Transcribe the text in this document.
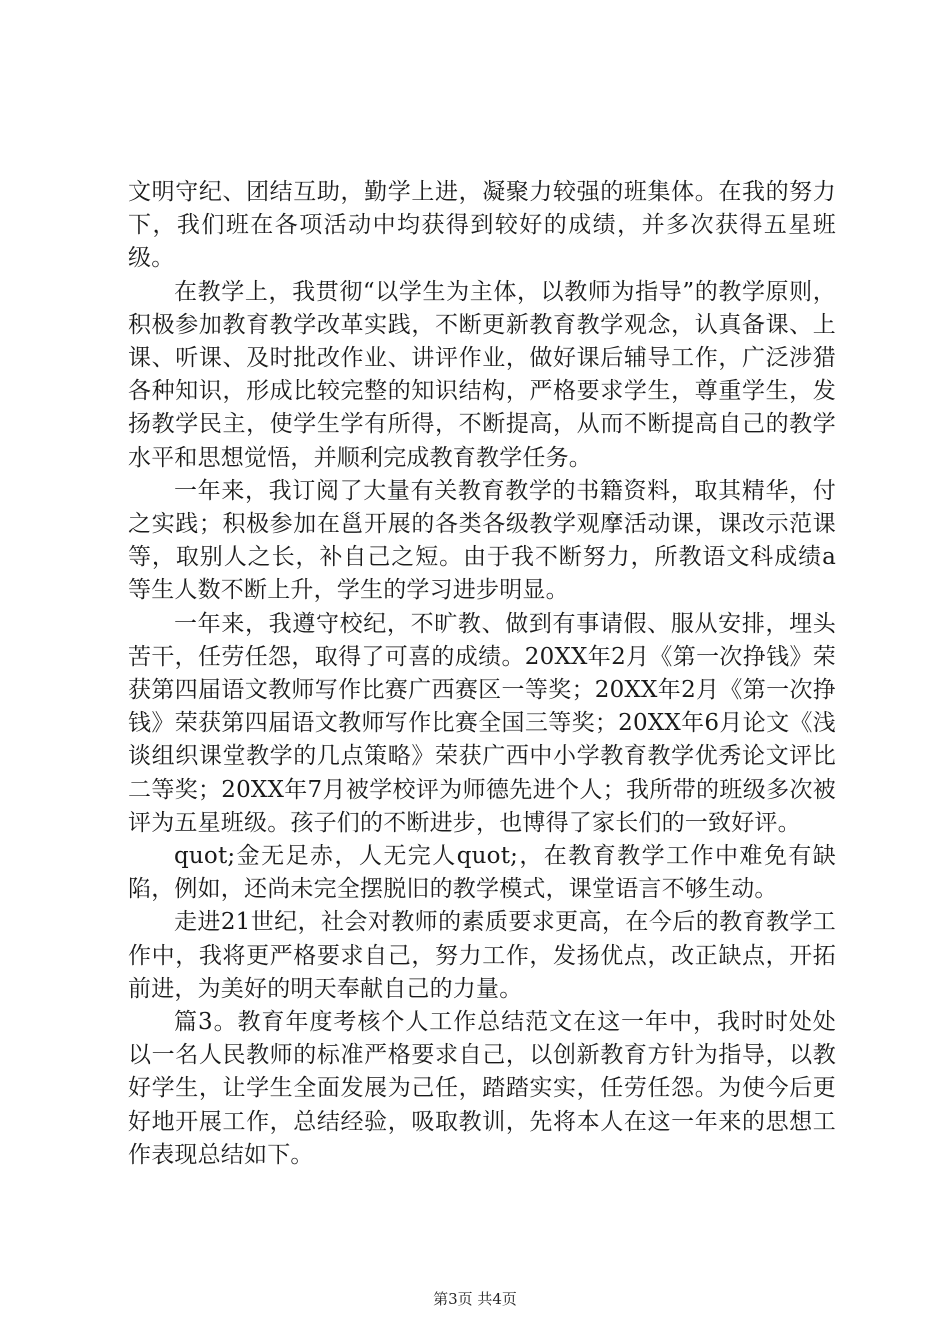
文明守纪、团结互助，勤学上进，凝聚力较强的班集体。在我的努力下，我们班在各项活动中均获得到较好的成绩，并多次获得五星班级。

在教学上，我贯彻“以学生为主体，以教师为指导”的教学原则，积极参加教育教学改革实践，不断更新教育教学观念，认真备课、上课、听课、及时批改作业、讲评作业，做好课后辅导工作，广泛涉猎各种知识，形成比较完整的知识结构，严格要求学生，尊重学生，发扬教学民主，使学生学有所得，不断提高，从而不断提高自己的教学水平和思想觉悟，并顺利完成教育教学任务。

一年来，我订阅了大量有关教育教学的书籍资料，取其精华，付之实践；积极参加在邕开展的各类各级教学观摩活动课，课改示范课等，取别人之长，补自己之短。由于我不断努力，所教语文科成绩a等生人数不断上升，学生的学习进步明显。

一年来，我遵守校纪，不旷教、做到有事请假、服从安排，埋头苦干，任劳任怨，取得了可喜的成绩。20XX年2月《第一次挣钱》荣获第四届语文教师写作比赛广西赛区一等奖；20XX年2月《第一次挣钱》荣获第四届语文教师写作比赛全国三等奖；20XX年6月论文《浅谈组织课堂教学的几点策略》荣获广西中小学教育教学优秀论文评比二等奖；20XX年7月被学校评为师德先进个人；我所带的班级多次被评为五星班级。孩子们的不断进步，也博得了家长们的一致好评。

quot;金无足赤，人无完人quot;，在教育教学工作中难免有缺陷，例如，还尚未完全摆脱旧的教学模式，课堂语言不够生动。

走进21世纪，社会对教师的素质要求更高，在今后的教育教学工作中，我将更严格要求自己，努力工作，发扬优点，改正缺点，开拓前进，为美好的明天奉献自己的力量。

篇3。教育年度考核个人工作总结范文在这一年中，我时时处处以一名人民教师的标准严格要求自己，以创新教育方针为指导，以教好学生，让学生全面发展为己任，踏踏实实，任劳任怨。为使今后更好地开展工作，总结经验，吸取教训，先将本人在这一年来的思想工作表现总结如下。

第3页 共4页
